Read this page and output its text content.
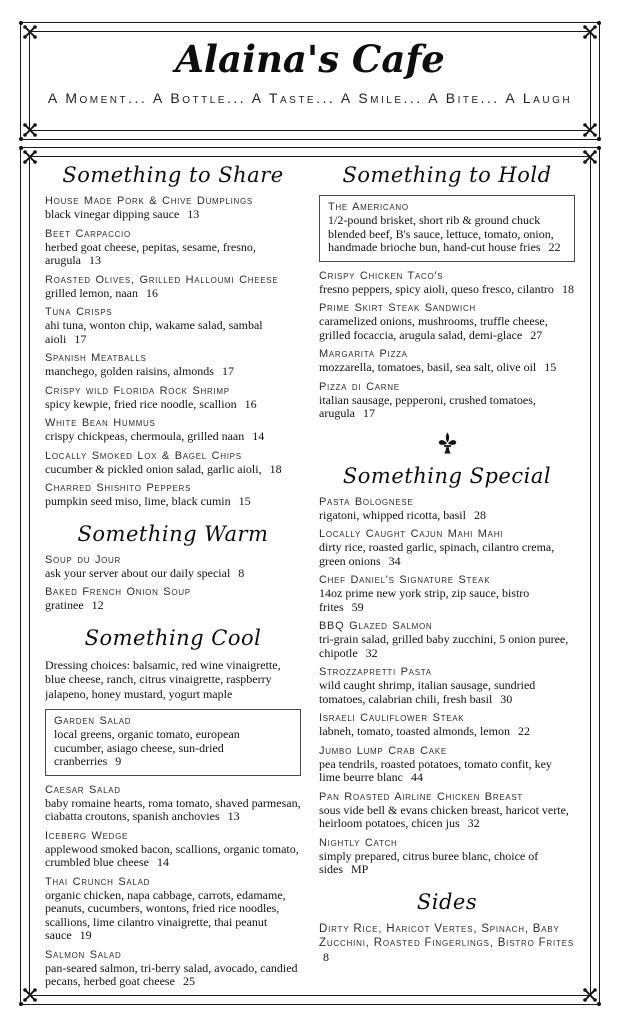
Alaina's Cafe
A Moment... A Bottle... A Taste... A Smile... A Bite... A Laugh
Something to Share
House Made Pork & Chive Dumplings
black vinegar dipping sauce 13
Beet Carpaccio
herbed goat cheese, pepitas, sesame, fresno, arugula 13
Roasted Olives, Grilled Halloumi Cheese
grilled lemon, naan 16
Tuna Crisps
ahi tuna, wonton chip, wakame salad, sambal aioli 17
Spanish Meatballs
manchego, golden raisins, almonds 17
Crispy wild Florida Rock Shrimp
spicy kewpie, fried rice noodle, scallion 16
White Bean Hummus
crispy chickpeas, chermoula, grilled naan 14
Locally Smoked Lox & Bagel Chips
cucumber & pickled onion salad, garlic aioli, 18
Charred Shishito Peppers
pumpkin seed miso, lime, black cumin 15
Something Warm
Soup du Jour
ask your server about our daily special 8
Baked French Onion Soup
gratinee 12
Something Cool
Dressing choices: balsamic, red wine vinaigrette, blue cheese, ranch, citrus vinaigrette, raspberry jalapeno, honey mustard, yogurt maple
Garden Salad
local greens, organic tomato, european cucumber, asiago cheese, sun-dried cranberries 9
Caesar Salad
baby romaine hearts, roma tomato, shaved parmesan, ciabatta croutons, spanish anchovies 13
Iceberg Wedge
applewood smoked bacon, scallions, organic tomato, crumbled blue cheese 14
Thai Crunch Salad
organic chicken, napa cabbage, carrots, edamame, peanuts, cucumbers, wontons, fried rice noodles, scallions, lime cilantro vinaigrette, thai peanut sauce 19
Salmon Salad
pan-seared salmon, tri-berry salad, avocado, candied pecans, herbed goat cheese 25
Something to Hold
The Americano
1/2-pound brisket, short rib & ground chuck blended beef, B's sauce, lettuce, tomato, onion, handmade brioche bun, hand-cut house fries 22
Crispy Chicken Taco's
fresno peppers, spicy aioli, queso fresco, cilantro 18
Prime Skirt Steak Sandwich
caramelized onions, mushrooms, truffle cheese, grilled focaccia, arugula salad, demi-glace 27
Margarita Pizza
mozzarella, tomatoes, basil, sea salt, olive oil 15
Pizza di Carne
italian sausage, pepperoni, crushed tomatoes, arugula 17
Something Special
Pasta Bolognese
rigatoni, whipped ricotta, basil 28
Locally Caught Cajun Mahi Mahi
dirty rice, roasted garlic, spinach, cilantro crema, green onions 34
Chef Daniel's Signature Steak
14oz prime new york strip, zip sauce, bistro frites 59
BBQ Glazed Salmon
tri-grain salad, grilled baby zucchini, 5 onion puree, chipotle 32
Strozzapretti Pasta
wild caught shrimp, italian sausage, sundried tomatoes, calabrian chili, fresh basil 30
Israeli Cauliflower Steak
labneh, tomato, toasted almonds, lemon 22
Jumbo Lump Crab Cake
pea tendrils, roasted potatoes, tomato confit, key lime beurre blanc 44
Pan Roasted Airline Chicken Breast
sous vide bell & evans chicken breast, haricot verte, heirloom potatoes, chicen jus 32
Nightly Catch
simply prepared, citrus buree blanc, choice of sides MP
Sides
Dirty Rice, Haricot Vertes, Spinach, Baby Zucchini, Roasted Fingerlings, Bistro Frites
8
